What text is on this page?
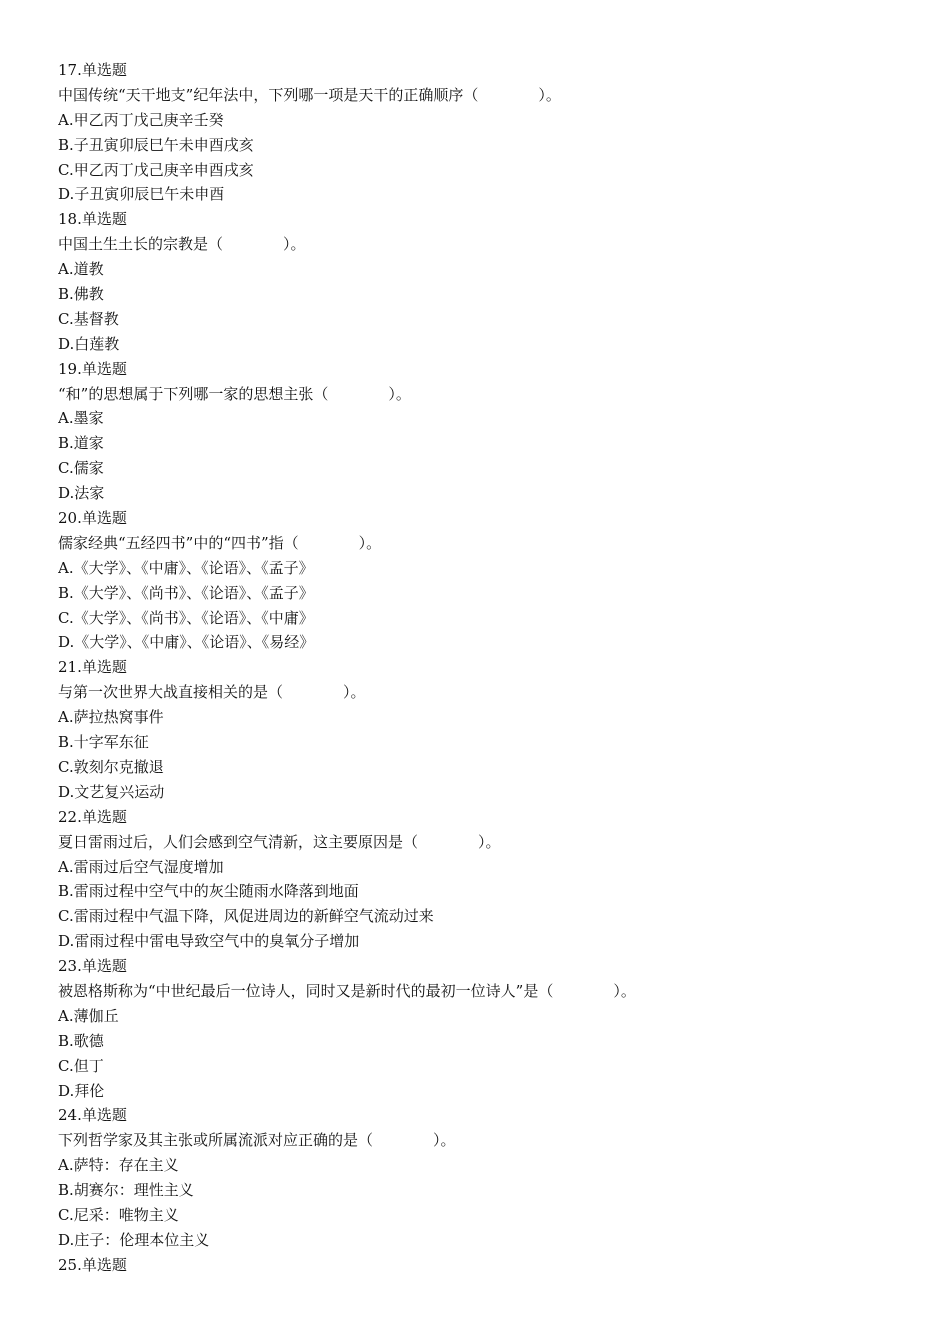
17.单选题
中国传统“天干地支”纪年法中，下列哪一项是天干的正确顺序（　　　　）。
A.甲乙丙丁戊己庚辛壬癸
B.子丑寅卯辰巳午未申酉戌亥
C.甲乙丙丁戊己庚辛申酉戌亥
D.子丑寅卯辰巳午未申酉
18.单选题
中国土生土长的宗教是（　　　　）。
A.道教
B.佛教
C.基督教
D.白莲教
19.单选题
“和”的思想属于下列哪一家的思想主张（　　　　）。
A.墨家
B.道家
C.儒家
D.法家
20.单选题
儒家经典“五经四书”中的“四书”指（　　　　）。
A.《大学》、《中庸》、《论语》、《孟子》
B.《大学》、《尚书》、《论语》、《孟子》
C.《大学》、《尚书》、《论语》、《中庸》
D.《大学》、《中庸》、《论语》、《易经》
21.单选题
与第一次世界大战直接相关的是（　　　　）。
A.萨拉热窝事件
B.十字军东征
C.敦刻尔克撤退
D.文艺复兴运动
22.单选题
夏日雷雨过后，人们会感到空气清新，这主要原因是（　　　　）。
A.雷雨过后空气湿度增加
B.雷雨过程中空气中的灰尘随雨水降落到地面
C.雷雨过程中气温下降，风促进周边的新鲜空气流动过来
D.雷雨过程中雷电导致空气中的臭氧分子增加
23.单选题
被恩格斯称为“中世纪最后一位诗人，同时又是新时代的最初一位诗人”是（　　　　）。
A.薄伽丘
B.歌德
C.但丁
D.拜伦
24.单选题
下列哲学家及其主张或所属流派对应正确的是（　　　　）。
A.萨特：存在主义
B.胡赛尔：理性主义
C.尼采：唯物主义
D.庄子：伦理本位主义
25.单选题
